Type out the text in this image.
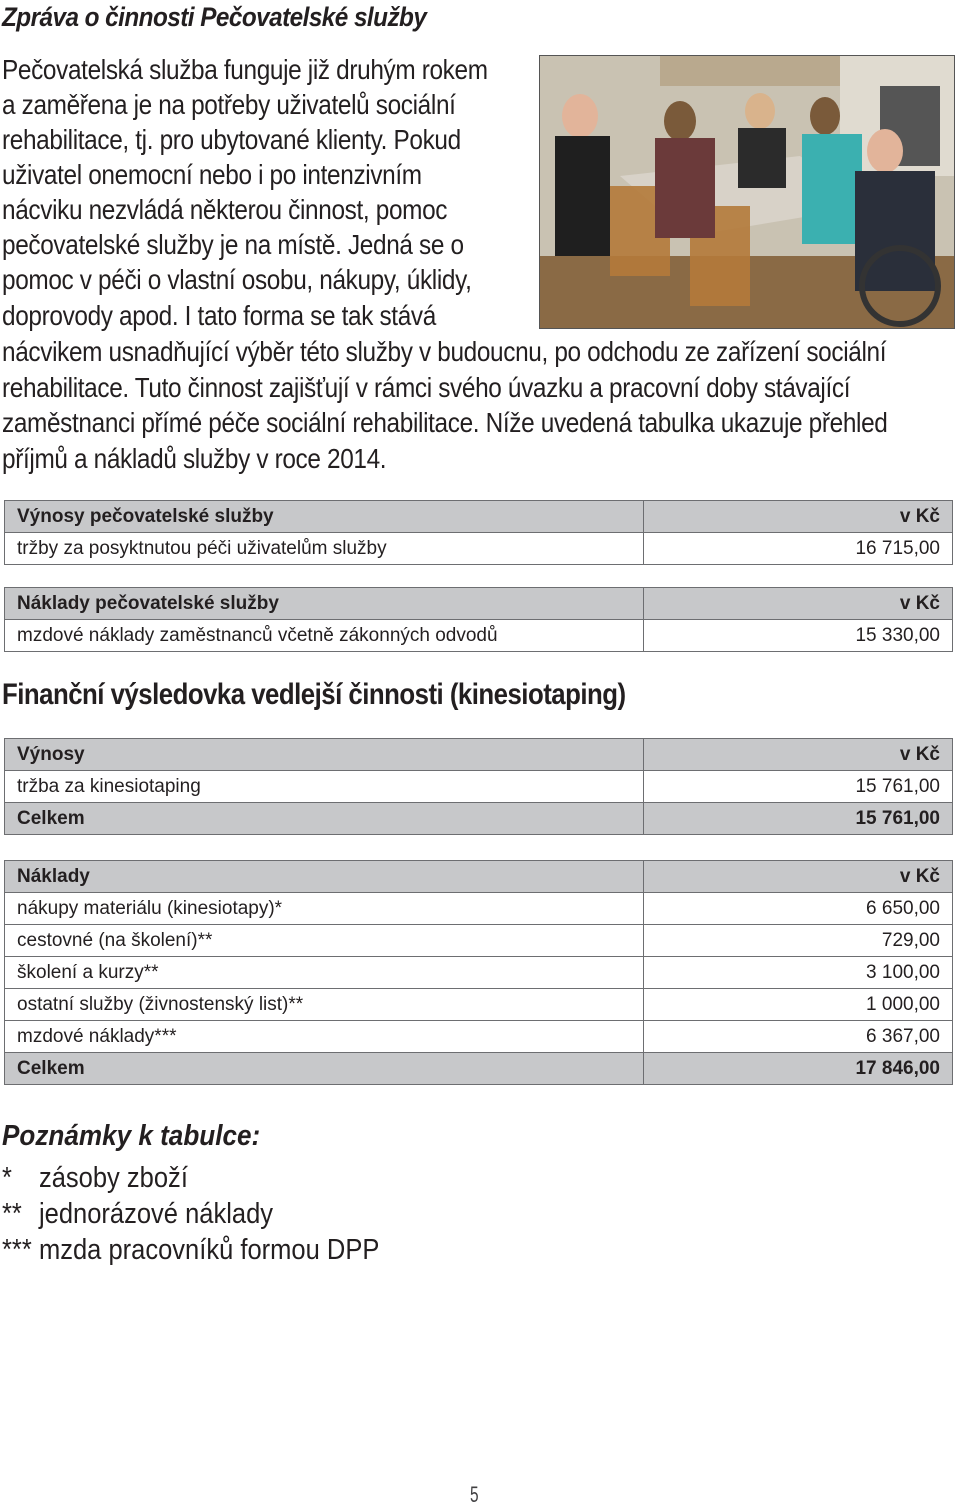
Zpráva o činnosti Pečovatelské služby
Pečovatelská služba funguje již druhým rokem
a zaměřena je na potřeby uživatelů sociální
rehabilitace, tj. pro ubytované klienty. Pokud
uživatel onemocní nebo i po intenzivním
nácviku nezvládá některou činnost, pomoc
pečovatelské služby je na místě. Jedná se o
pomoc v péči o vlastní osobu, nákupy, úklidy,
doprovody apod. I tato forma se tak stává
nácvikem usnadňující výběr této služby v budoucnu, po odchodu ze zařízení sociální
rehabilitace. Tuto činnost zajišťují v rámci svého úvazku a pracovní doby stávající
zaměstnanci přímé péče sociální rehabilitace. Níže uvedená tabulka ukazuje přehled
příjmů a nákladů služby v roce 2014.
Výnosy pečovatelské služby	v Kč
tržby za posyktnutou péči uživatelům služby	16 715,00
Náklady pečovatelské služby	v Kč
mzdové náklady zaměstnanců včetně zákonných odvodů	15 330,00
Finanční výsledovka vedlejší činnosti (kinesiotaping)
Výnosy	v Kč
tržba za kinesiotaping	15 761,00
Celkem	15 761,00
Náklady	v Kč
nákupy materiálu (kinesiotapy)*	6 650,00
cestovné (na školení)**	729,00
školení a kurzy**	3 100,00
ostatní služby (živnostenský list)**	1 000,00
mzdové náklady***	6 367,00
Celkem	17 846,00
Poznámky k tabulce:
* zásoby zboží
** jednorázové náklady
*** mzda pracovníků formou DPP
5
